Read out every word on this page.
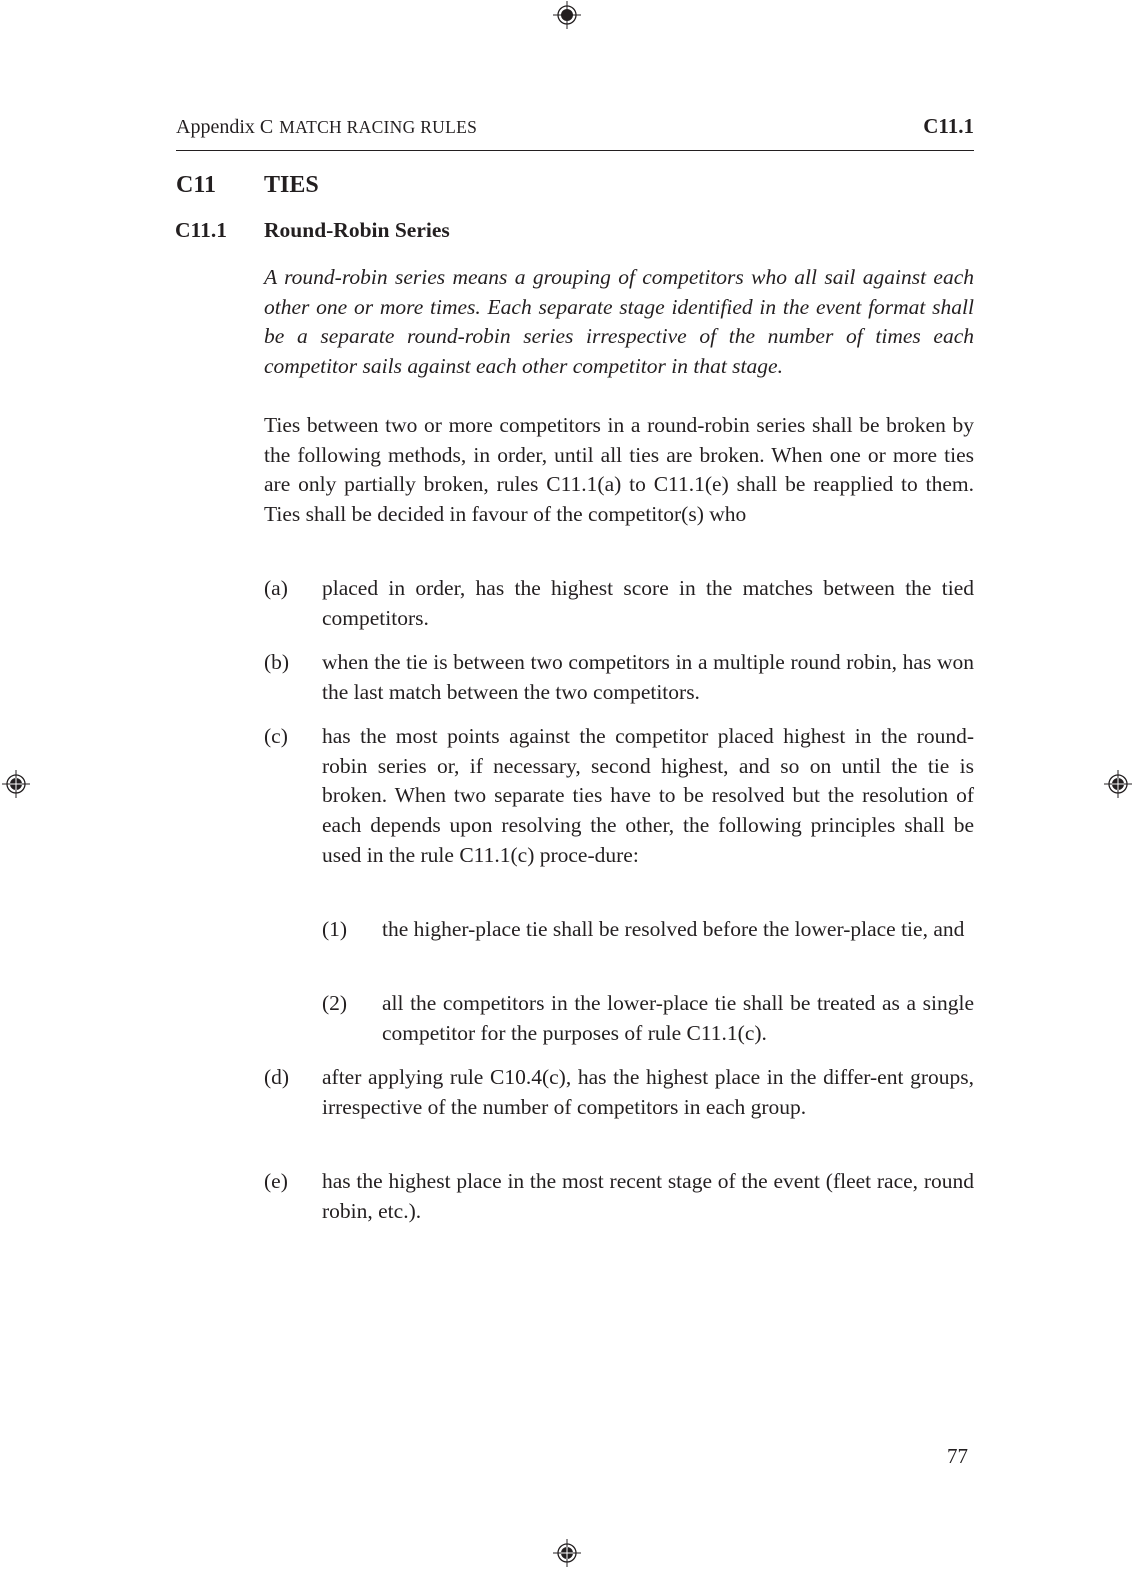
Appendix C MATCH RACING RULES	C11.1
C11 TIES
C11.1 Round-Robin Series

A round-robin series means a grouping of competitors who all sail against each other one or more times. Each separate stage identified in the event format shall be a separate round-robin series irrespective of the number of times each competitor sails against each other competitor in that stage.

Ties between two or more competitors in a round-robin series shall be broken by the following methods, in order, until all ties are broken. When one or more ties are only partially broken, rules C11.1(a) to C11.1(e) shall be reapplied to them. Ties shall be decided in favour of the competitor(s) who

(a) placed in order, has the highest score in the matches between the tied competitors.
(b) when the tie is between two competitors in a multiple round robin, has won the last match between the two competitors.
(c) has the most points against the competitor placed highest in the round-robin series or, if necessary, second highest, and so on until the tie is broken. When two separate ties have to be resolved but the resolution of each depends upon resolving the other, the following principles shall be used in the rule C11.1(c) proce-dure:
(1) the higher-place tie shall be resolved before the lower-place tie, and
(2) all the competitors in the lower-place tie shall be treated as a single competitor for the purposes of rule C11.1(c).
(d) after applying rule C10.4(c), has the highest place in the differ-ent groups, irrespective of the number of competitors in each group.
(e) has the highest place in the most recent stage of the event (fleet race, round robin, etc.).
77
